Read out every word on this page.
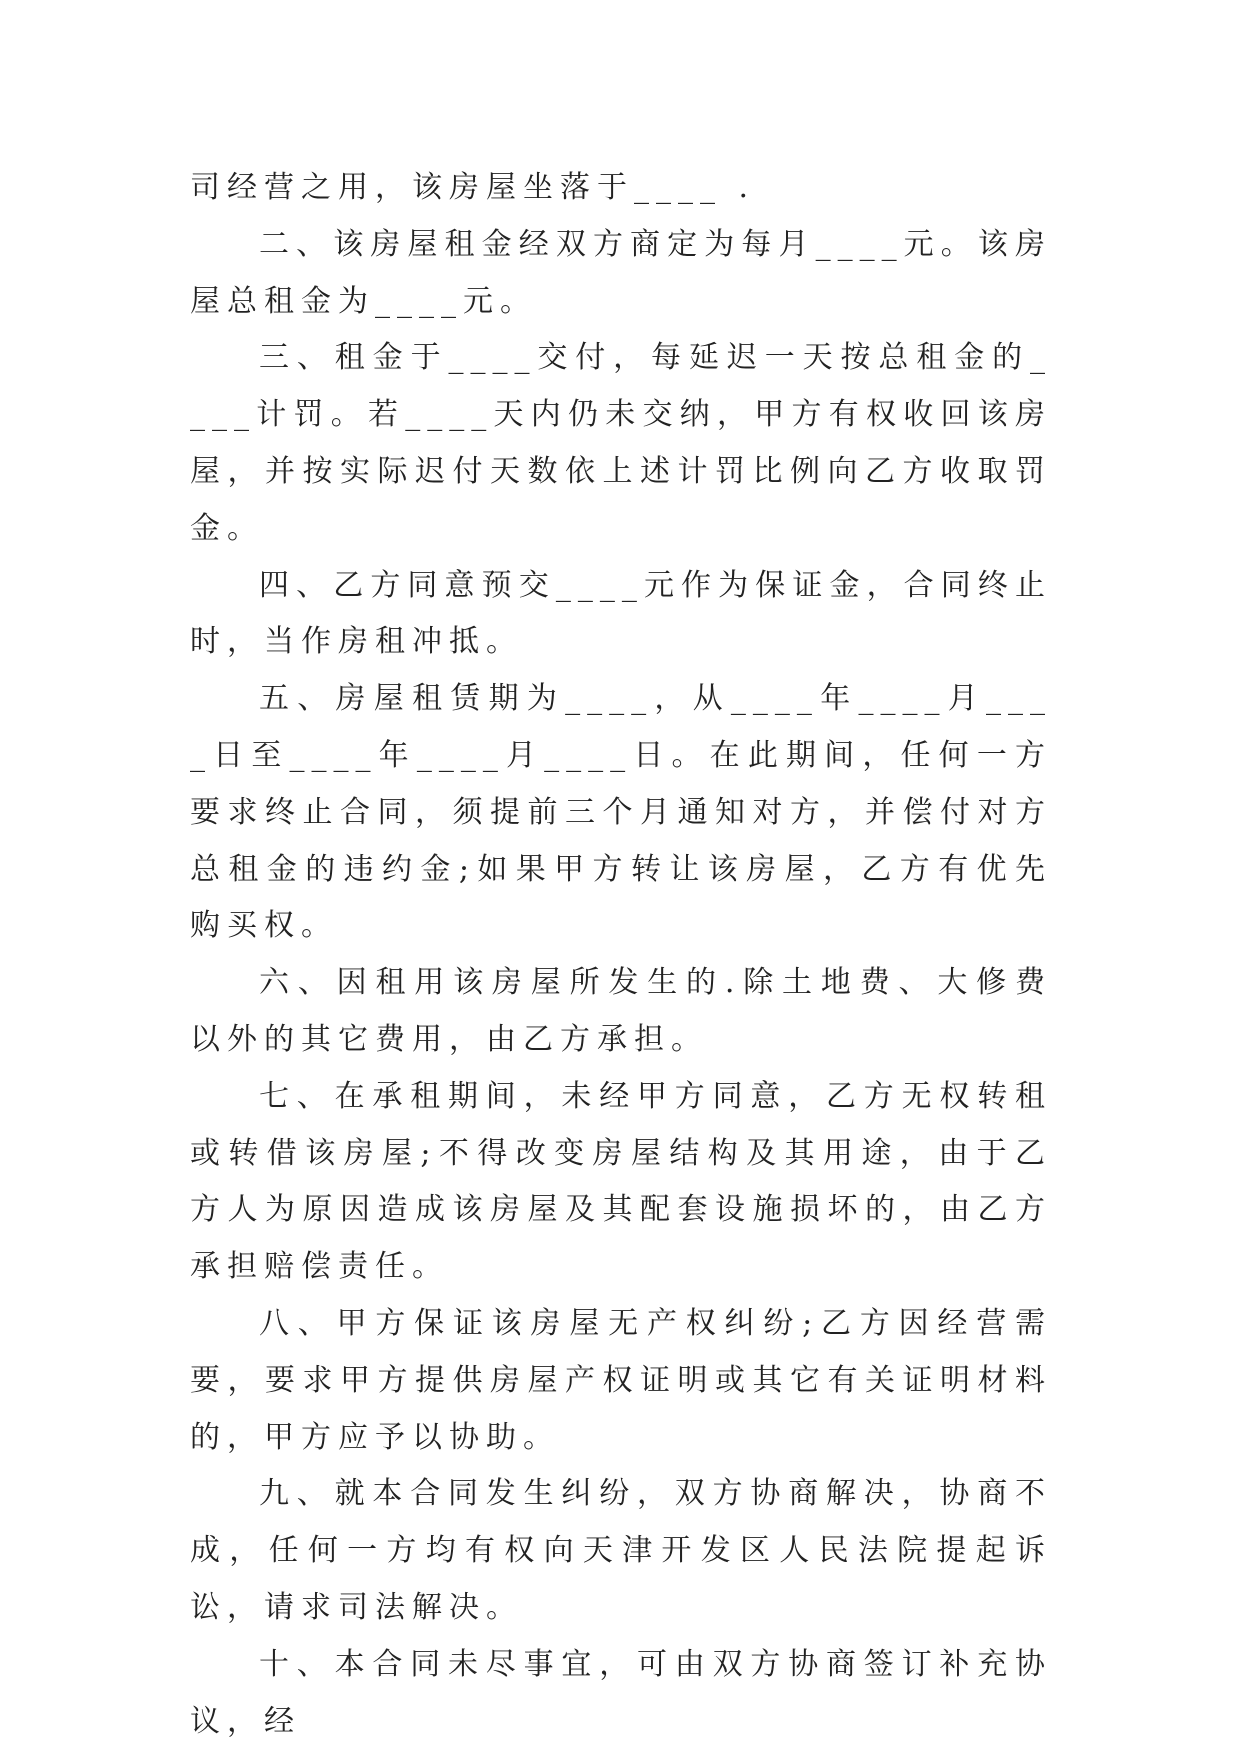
司经营之用，该房屋坐落于____ .

二、该房屋租金经双方商定为每月____元。该房屋总租金为____元。

三、租金于____交付，每延迟一天按总租金的____计罚。若____天内仍未交纳，甲方有权收回该房屋，并按实际迟付天数依上述计罚比例向乙方收取罚金。

四、乙方同意预交____元作为保证金，合同终止时，当作房租冲抵。

五、房屋租赁期为____，从____年____月____日至____年____月____日。在此期间，任何一方要求终止合同，须提前三个月通知对方，并偿付对方总租金的违约金;如果甲方转让该房屋，乙方有优先购买权。

六、因租用该房屋所发生的.除土地费、大修费以外的其它费用，由乙方承担。

七、在承租期间，未经甲方同意，乙方无权转租或转借该房屋;不得改变房屋结构及其用途，由于乙方人为原因造成该房屋及其配套设施损坏的，由乙方承担赔偿责任。

八、甲方保证该房屋无产权纠纷;乙方因经营需要，要求甲方提供房屋产权证明或其它有关证明材料的，甲方应予以协助。

九、就本合同发生纠纷，双方协商解决，协商不成，任何一方均有权向天津开发区人民法院提起诉讼，请求司法解决。

十、本合同未尽事宜，可由双方协商签订补充协议，经
